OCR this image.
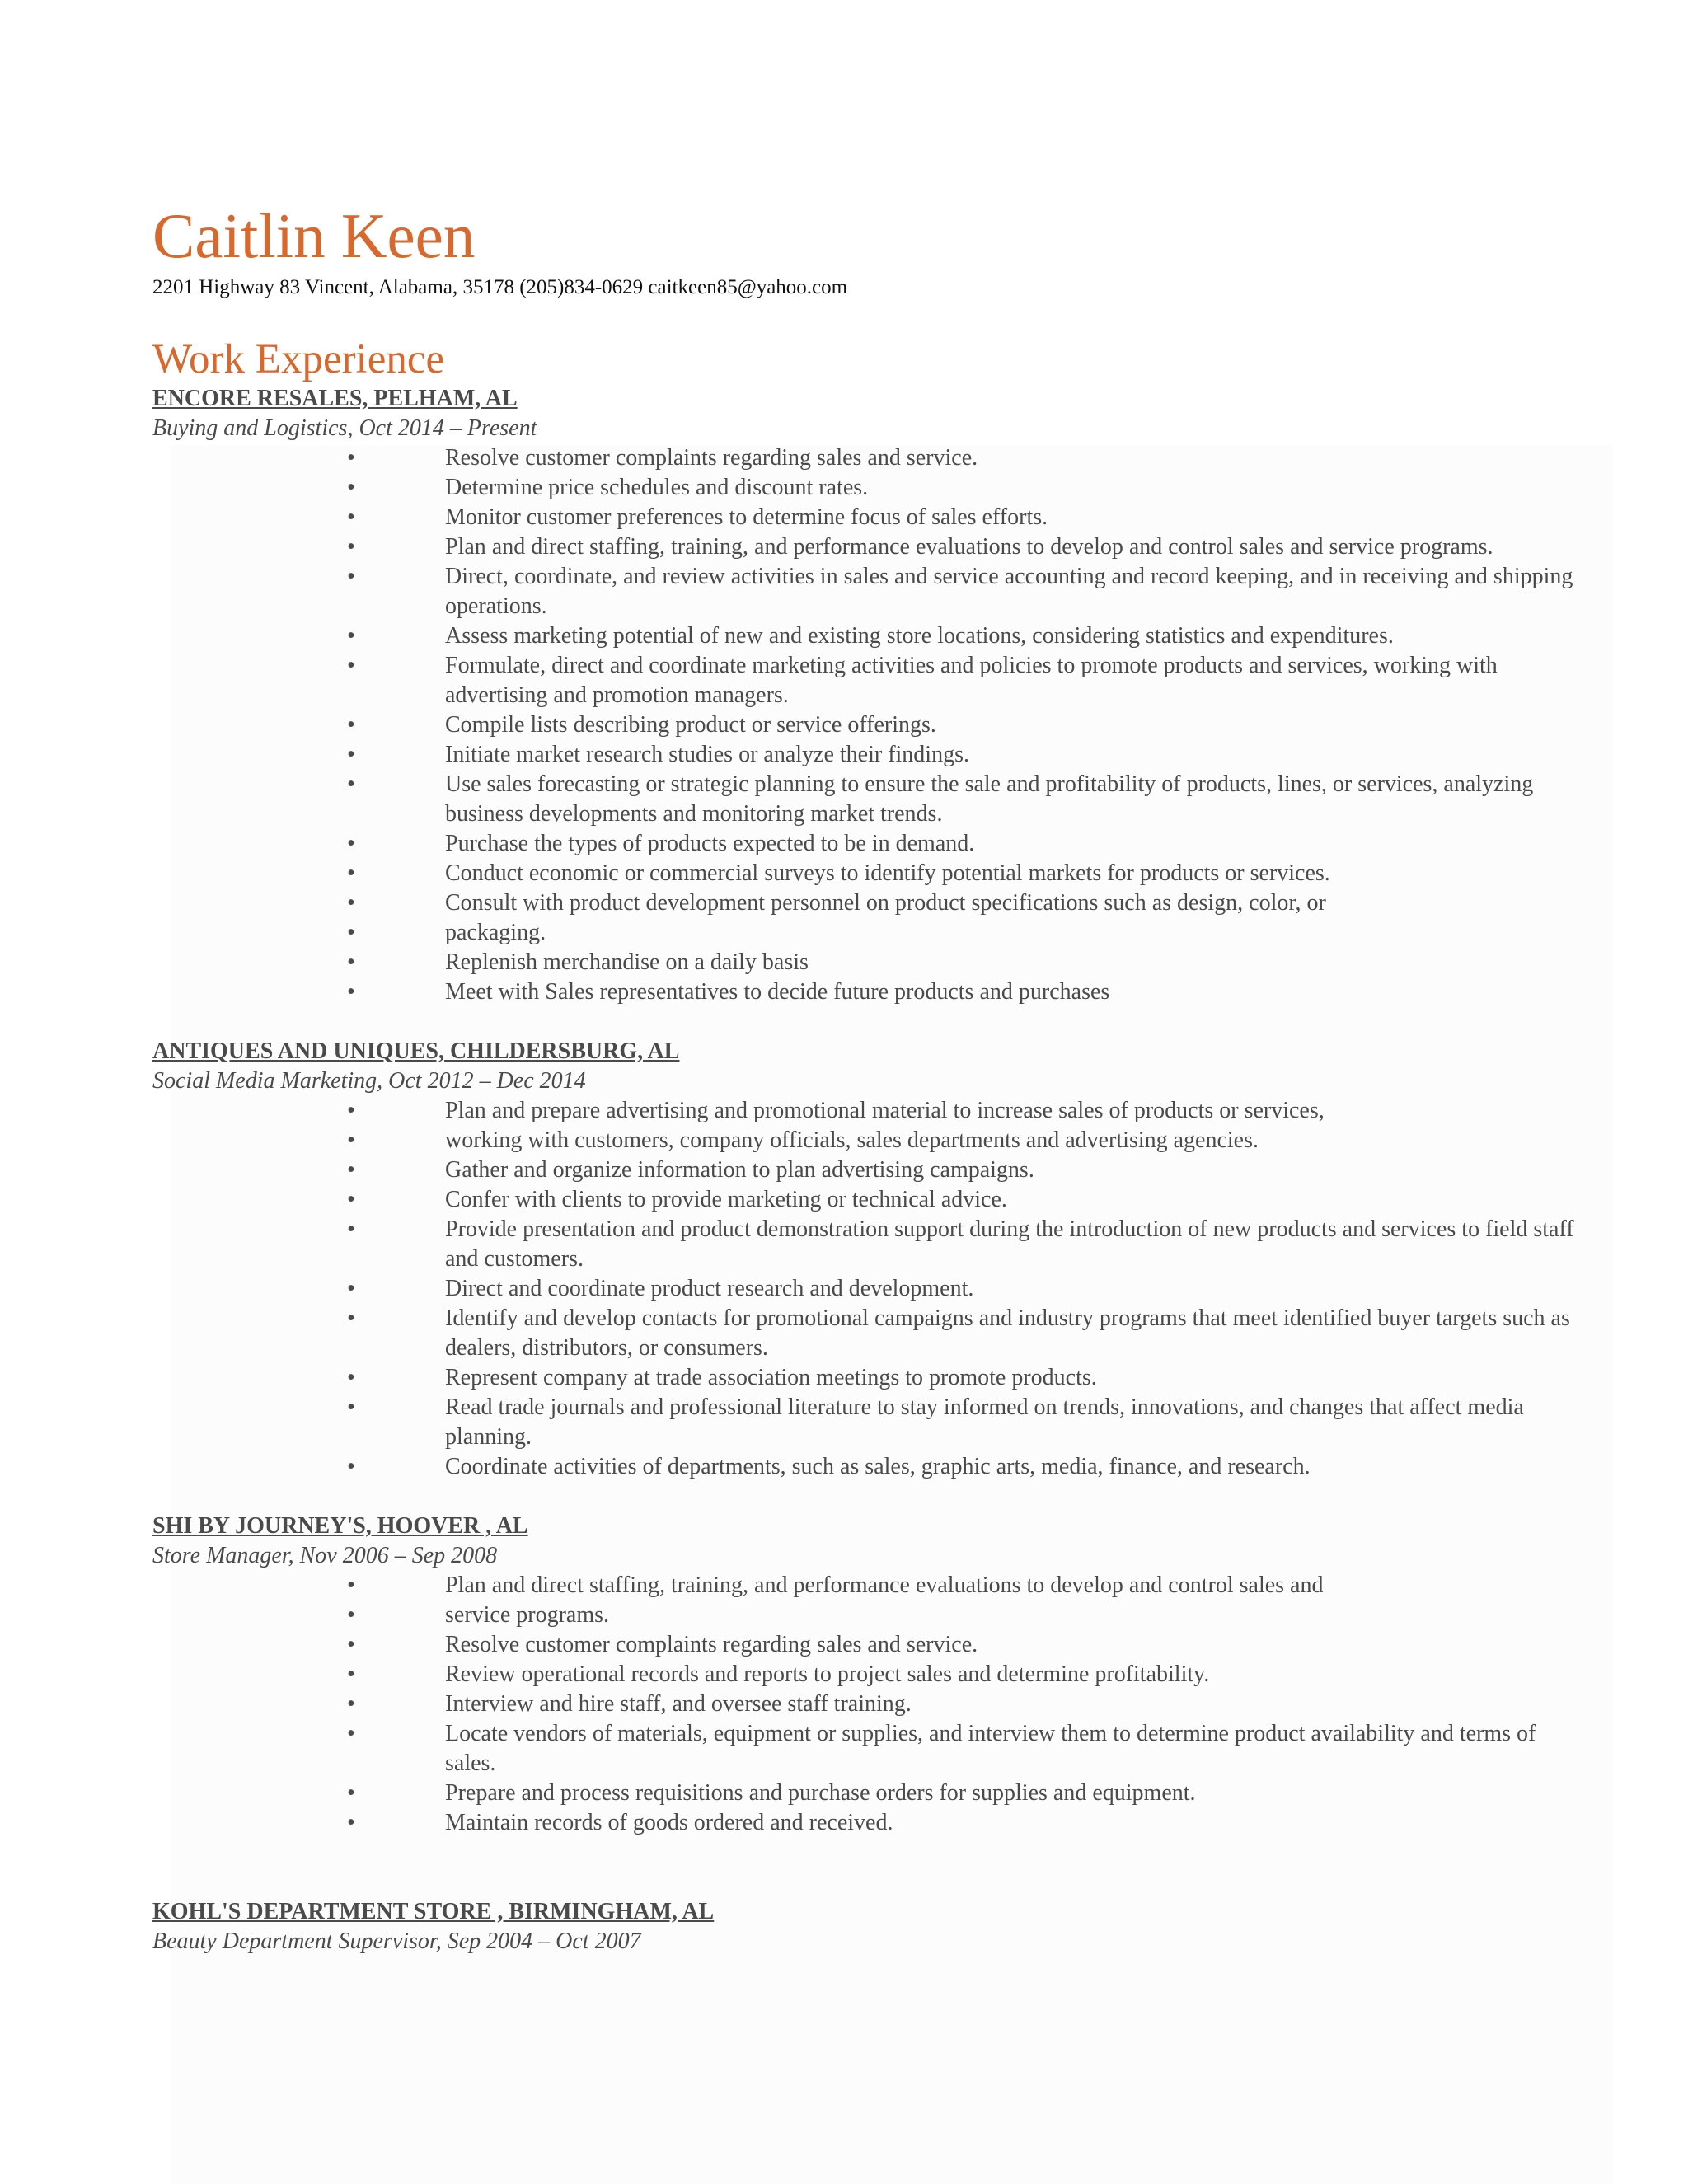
Caitlin Keen
2201 Highway 83 Vincent, Alabama, 35178 (205)834-0629 caitkeen85@yahoo.com
Work Experience
ENCORE RESALES, PELHAM, AL
Buying and Logistics, Oct 2014 – Present
•	Resolve customer complaints regarding sales and service.
•	Determine price schedules and discount rates.
•	Monitor customer preferences to determine focus of sales efforts.
•	Plan and direct staffing, training, and performance evaluations to develop and control sales and service programs.
•	Direct, coordinate, and review activities in sales and service accounting and record keeping, and in receiving and shipping operations.
•	Assess marketing potential of new and existing store locations, considering statistics and expenditures.
•	Formulate, direct and coordinate marketing activities and policies to promote products and services, working with advertising and promotion managers.
•	Compile lists describing product or service offerings.
•	Initiate market research studies or analyze their findings.
•	Use sales forecasting or strategic planning to ensure the sale and profitability of products, lines, or services, analyzing business developments and monitoring market trends.
•	Purchase the types of products expected to be in demand.
•	Conduct economic or commercial surveys to identify potential markets for products or services.
•	Consult with product development personnel on product specifications such as design, color, or
•	packaging.
•	Replenish merchandise on a daily basis
•	Meet with Sales representatives to decide future products and purchases
ANTIQUES AND UNIQUES, CHILDERSBURG, AL
Social Media Marketing, Oct 2012 – Dec 2014
•	Plan and prepare advertising and promotional material to increase sales of products or services,
•	working with customers, company officials, sales departments and advertising agencies.
•	Gather and organize information to plan advertising campaigns.
•	Confer with clients to provide marketing or technical advice.
•	Provide presentation and product demonstration support during the introduction of new products and services to field staff and customers.
•	Direct and coordinate product research and development.
•	Identify and develop contacts for promotional campaigns and industry programs that meet identified buyer targets such as dealers, distributors, or consumers.
•	Represent company at trade association meetings to promote products.
•	Read trade journals and professional literature to stay informed on trends, innovations, and changes that affect media planning.
•	Coordinate activities of departments, such as sales, graphic arts, media, finance, and research.
SHI BY JOURNEY'S, HOOVER , AL
Store Manager, Nov 2006 – Sep 2008
•	Plan and direct staffing, training, and performance evaluations to develop and control sales and
•	service programs.
•	Resolve customer complaints regarding sales and service.
•	Review operational records and reports to project sales and determine profitability.
•	Interview and hire staff, and oversee staff training.
•	Locate vendors of materials, equipment or supplies, and interview them to determine product availability and terms of sales.
•	Prepare and process requisitions and purchase orders for supplies and equipment.
•	Maintain records of goods ordered and received.
KOHL'S DEPARTMENT STORE , BIRMINGHAM, AL
Beauty Department Supervisor, Sep 2004 – Oct 2007
